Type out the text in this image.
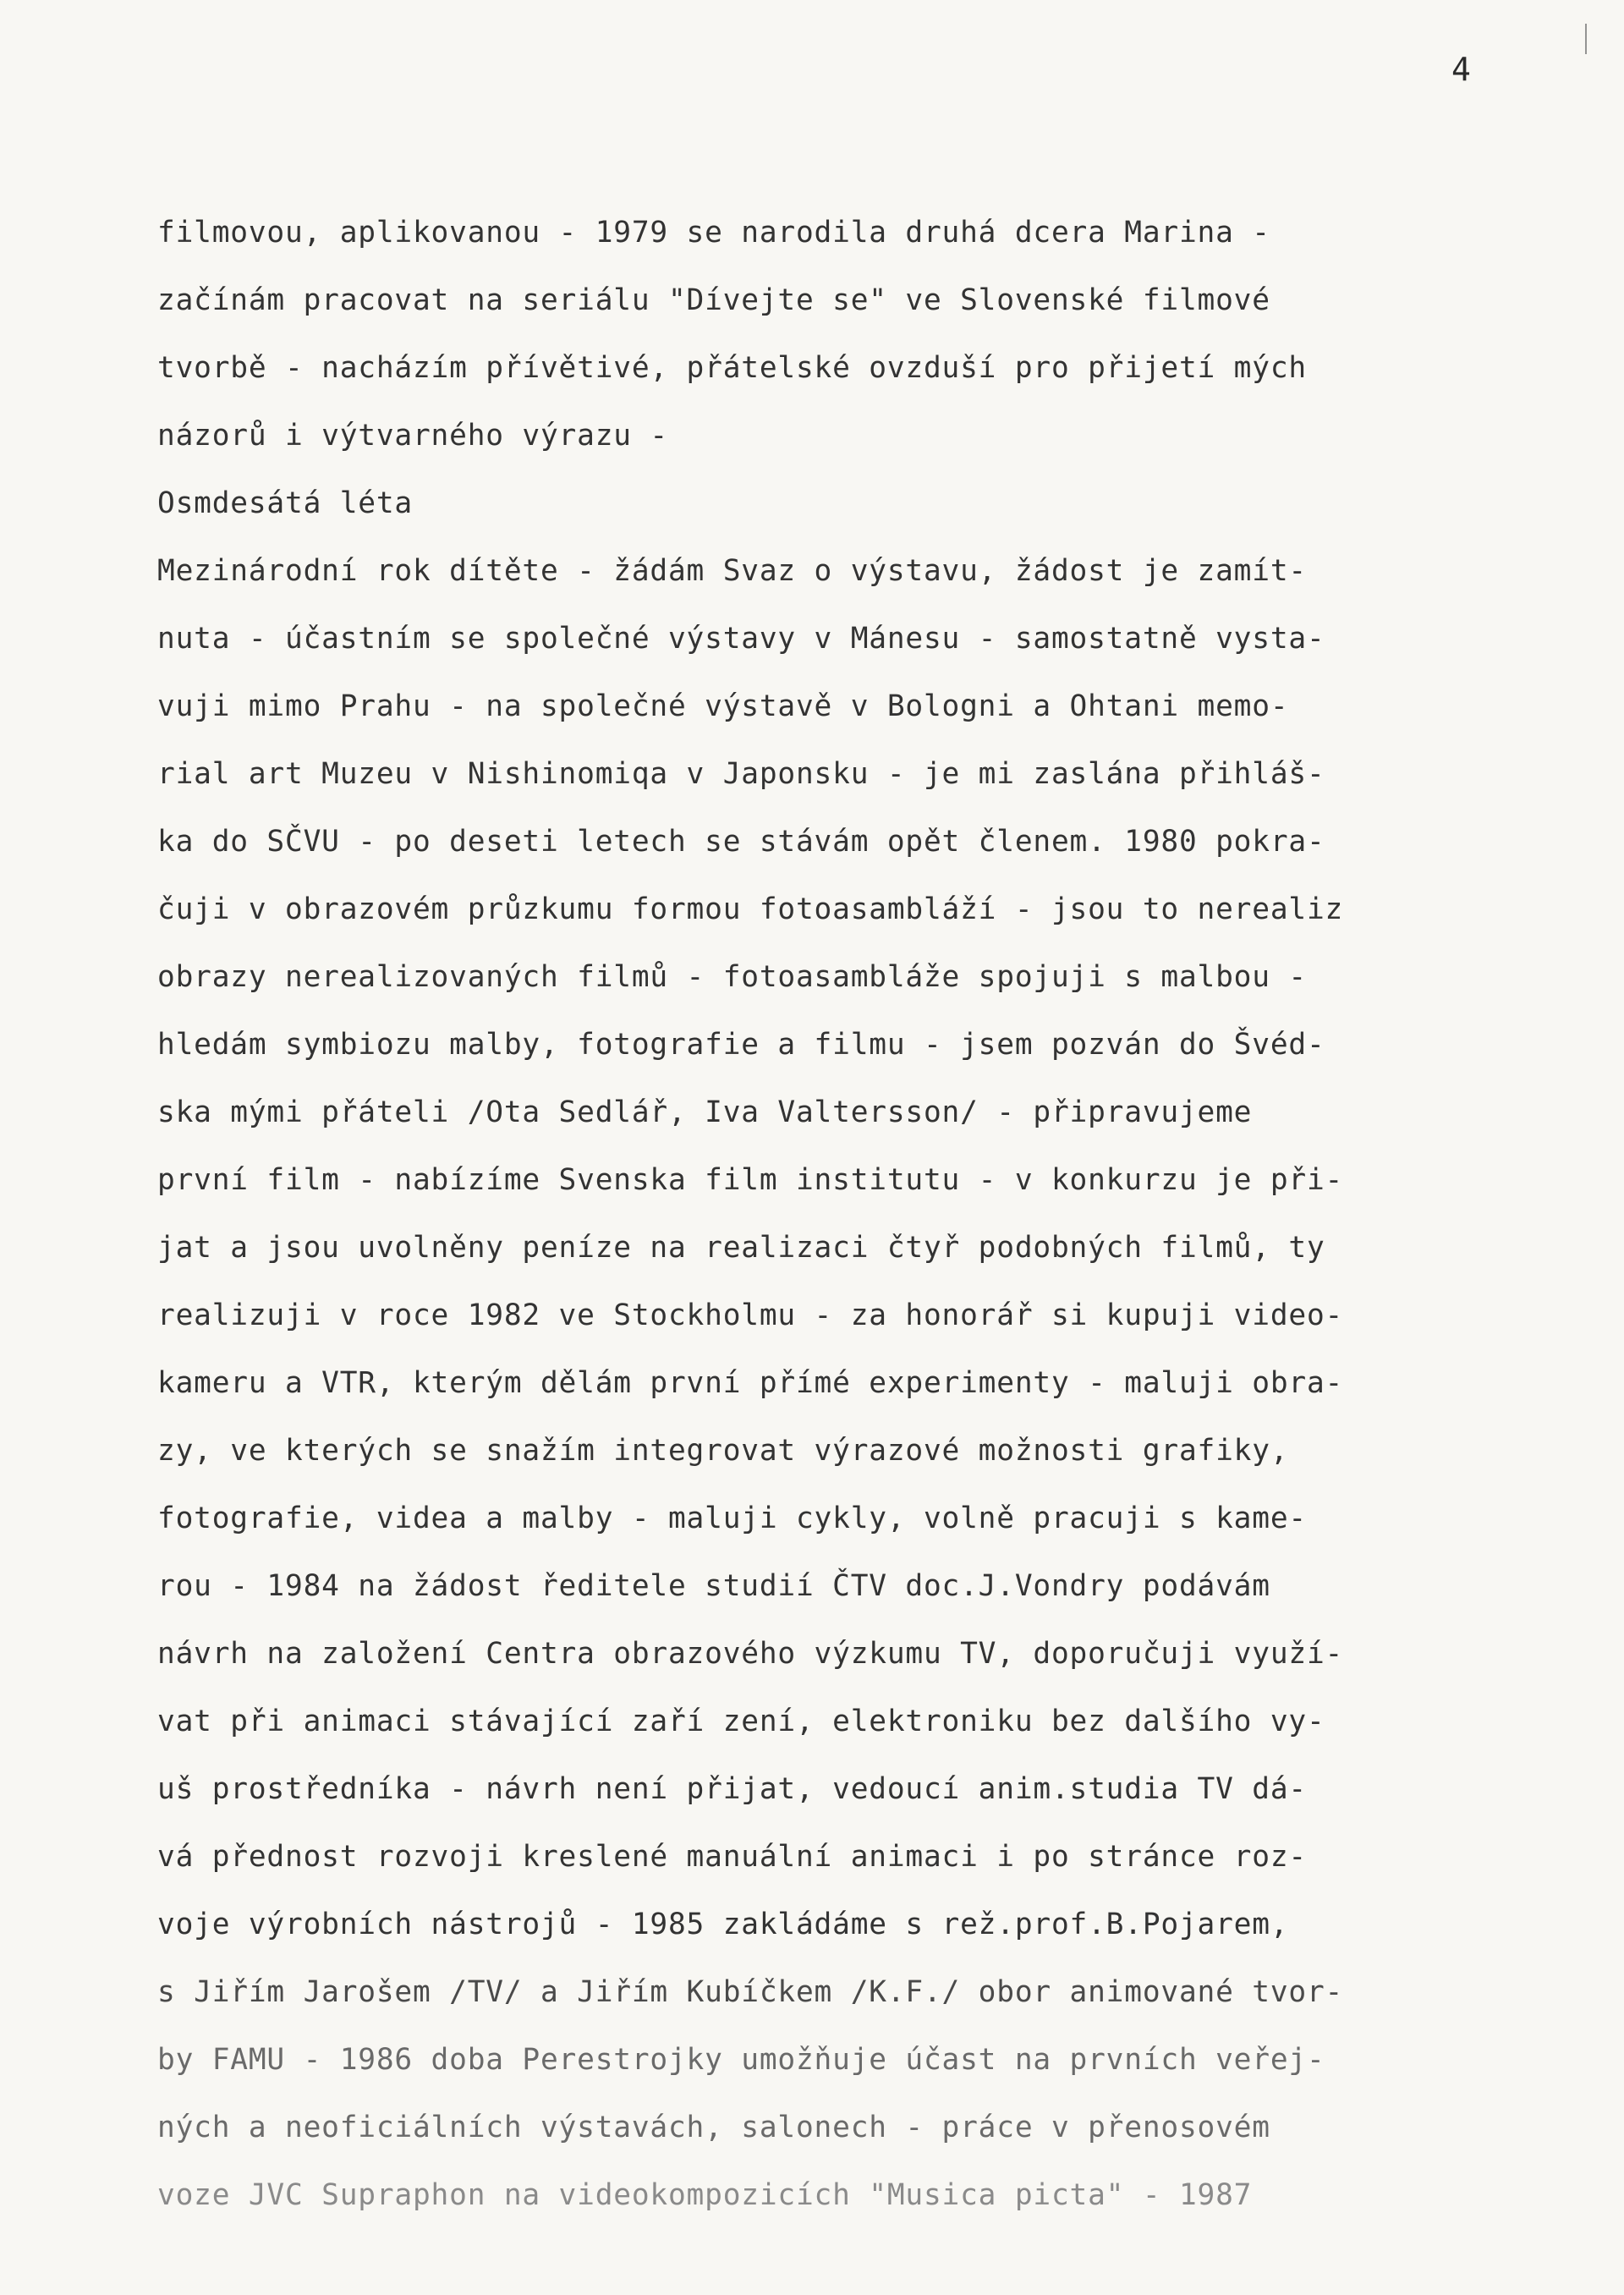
4

filmovou, aplikovanou - 1979 se narodila druhá dcera Marina -

začínám pracovat na seriálu "Dívejte se" ve Slovenské filmové

tvorbě - nacházím přívětivé, přátelské ovzduší pro přijetí mých

názorů i výtvarného výrazu -

Osmdesátá léta

Mezinárodní rok dítěte - žádám Svaz o výstavu, žádost je zamít-

nuta - účastním se společné výstavy v Mánesu - samostatně vysta-

vuji mimo Prahu - na společné výstavě v Bologni a Ohtani memo-

rial art Muzeu v Nishinomiqa v Japonsku - je mi zaslána přihláš-

ka do SČVU - po deseti letech se stávám opět členem. 1980 pokra-

čuji v obrazovém průzkumu formou fotoasambláží - jsou to nerealiz

obrazy nerealizovaných filmů - fotoasambláže spojuji s malbou -

hledám symbiozu malby, fotografie a filmu - jsem pozván do Švéd-

ska mými přáteli /Ota Sedlář, Iva Valtersson/ - připravujeme

první film - nabízíme Svenska film institutu - v konkurzu je při-

jat a jsou uvolněny peníze na realizaci čtyř podobných filmů, ty

realizuji v roce 1982 ve Stockholmu - za honorář si kupuji video-

kameru a VTR, kterým dělám první přímé experimenty - maluji obra-

zy, ve kterých se snažím integrovat výrazové možnosti grafiky,

fotografie, videa a malby - maluji cykly, volně pracuji s kame-

rou - 1984 na žádost ředitele studií ČTV doc.J.Vondry podávám

návrh na založení Centra obrazového výzkumu TV, doporučuji využí-

vat při animaci stávající zaří zení, elektroniku bez dalšího vy-

uš prostředníka - návrh není přijat, vedoucí anim.studia TV dá-

vá přednost rozvoji kreslené manuální animaci i po stránce roz-

voje výrobních nástrojů - 1985 zakládáme s rež.prof.B.Pojarem,

s Jiřím Jarošem /TV/ a Jiřím Kubíčkem /K.F./ obor animované tvor-

by FAMU - 1986 doba Perestrojky umožňuje účast na prvních veřej-

ných a neoficiálních výstavách, salonech - práce v přenosovém

voze JVC Supraphon na videokompozicích "Musica picta" - 1987
